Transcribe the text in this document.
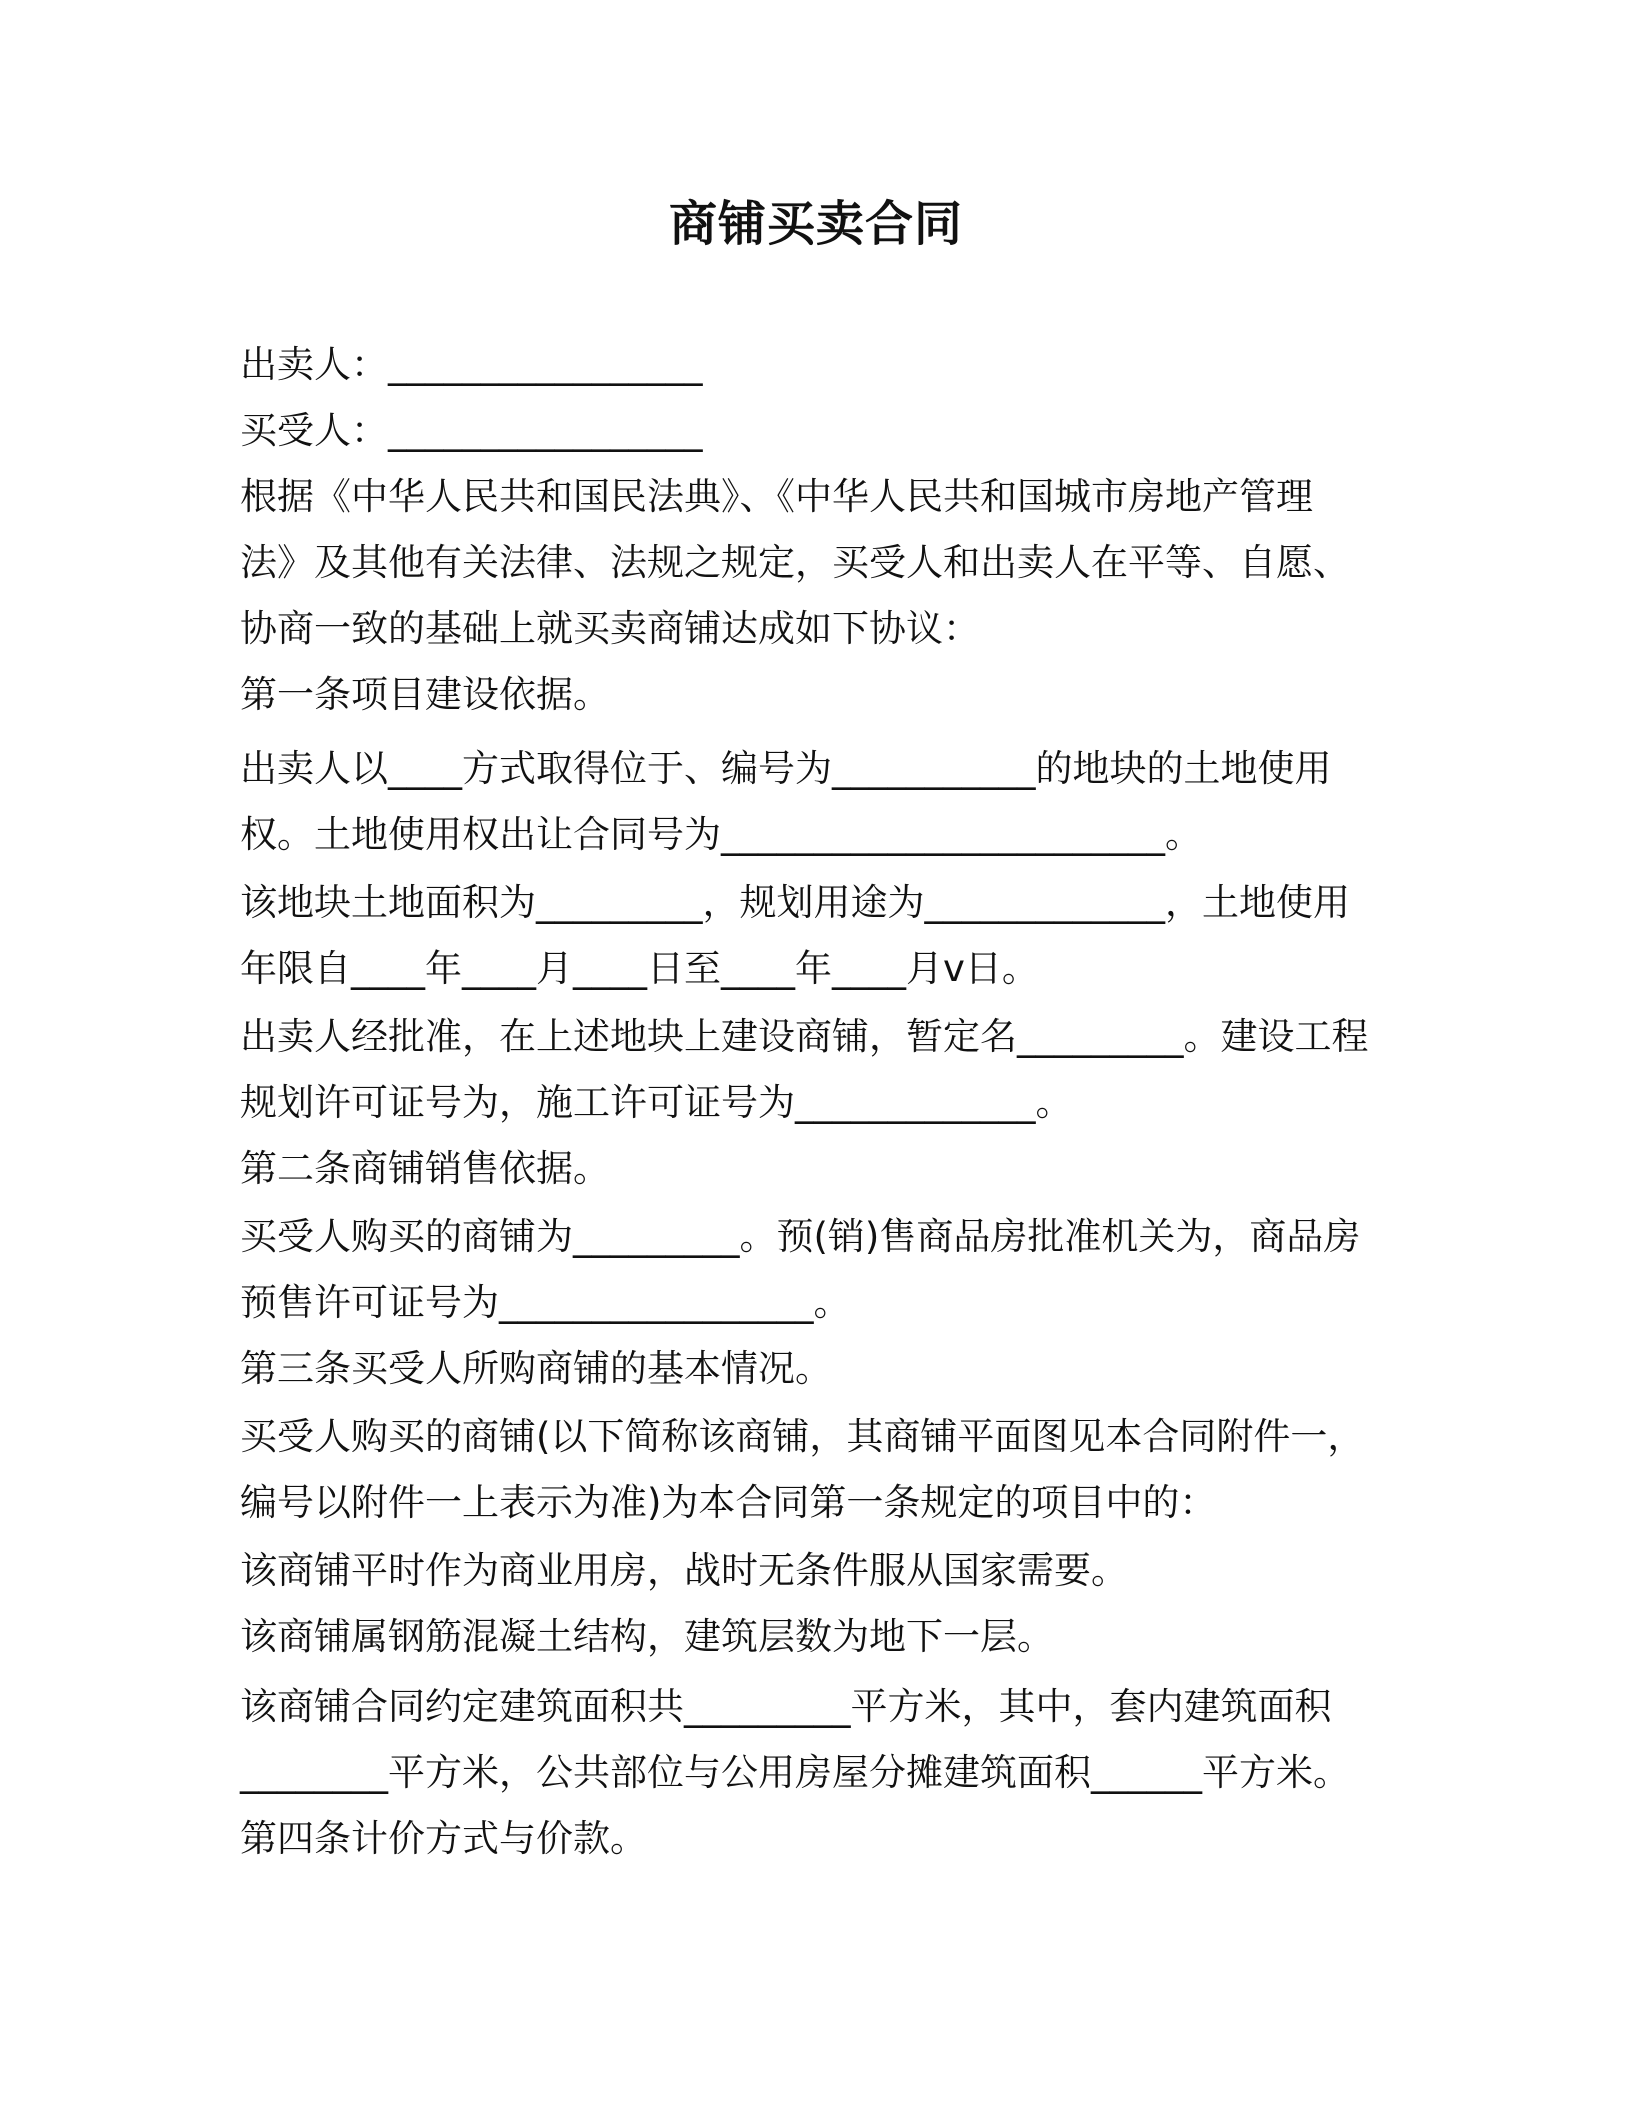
商铺买卖合同
出卖人：_________________
买受人：_________________
根据《中华人民共和国民法典》、《中华人民共和国城市房地产管理
法》及其他有关法律、法规之规定，买受人和出卖人在平等、自愿、
协商一致的基础上就买卖商铺达成如下协议：
第一条项目建设依据。
出卖人以____方式取得位于、编号为___________的地块的土地使用
权。土地使用权出让合同号为________________________。
该地块土地面积为_________，规划用途为_____________，土地使用
年限自____年____月____日至____年____月ⅴ日。
出卖人经批准，在上述地块上建设商铺，暂定名_________。建设工程
规划许可证号为，施工许可证号为_____________。
第二条商铺销售依据。
买受人购买的商铺为_________。预(销)售商品房批准机关为，商品房
预售许可证号为_________________。
第三条买受人所购商铺的基本情况。
买受人购买的商铺(以下简称该商铺，其商铺平面图见本合同附件一，
编号以附件一上表示为准)为本合同第一条规定的项目中的：
该商铺平时作为商业用房，战时无条件服从国家需要。
该商铺属钢筋混凝土结构，建筑层数为地下一层。
该商铺合同约定建筑面积共_________平方米，其中，套内建筑面积
________平方米，公共部位与公用房屋分摊建筑面积______平方米。
第四条计价方式与价款。
